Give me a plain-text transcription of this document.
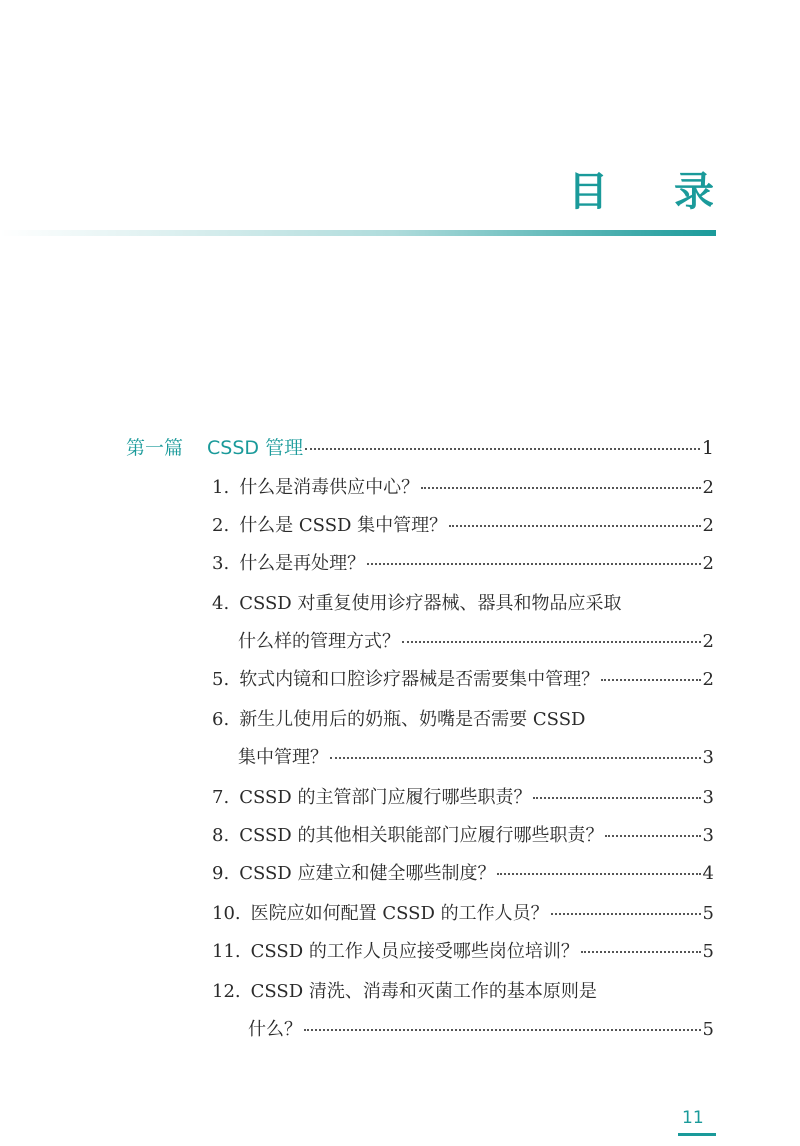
目 录
第一篇 CSSD 管理	1
1. 什么是消毒供应中心？	2
2. 什么是 CSSD 集中管理？	2
3. 什么是再处理？	2
4. CSSD 对重复使用诊疗器械、器具和物品应采取
什么样的管理方式？	2
5. 软式内镜和口腔诊疗器械是否需要集中管理？	2
6. 新生儿使用后的奶瓶、奶嘴是否需要 CSSD
集中管理？	3
7. CSSD 的主管部门应履行哪些职责？	3
8. CSSD 的其他相关职能部门应履行哪些职责？	3
9. CSSD 应建立和健全哪些制度？	4
10. 医院应如何配置 CSSD 的工作人员？	5
11. CSSD 的工作人员应接受哪些岗位培训？	5
12. CSSD 清洗、消毒和灭菌工作的基本原则是
什么？	5
11
